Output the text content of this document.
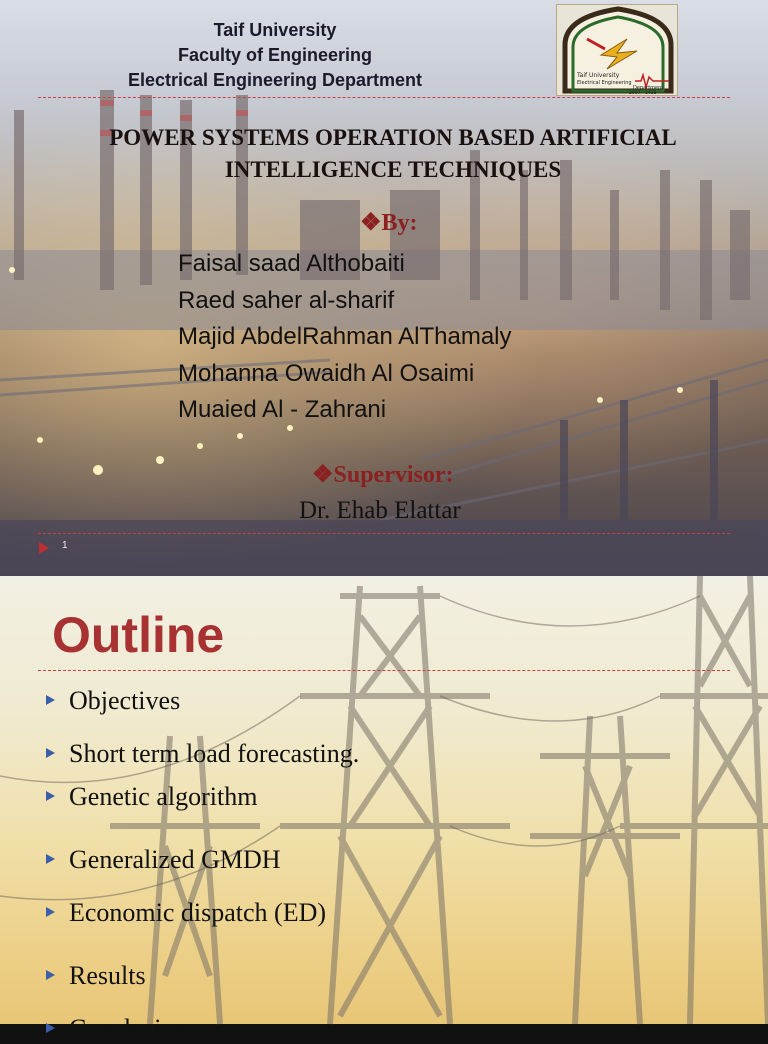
Taif University
Faculty of Engineering
Electrical Engineering Department	Taif University
Electrical Engineering
Department
2007 - 1428
POWER SYSTEMS OPERATION BASED ARTIFICIAL
INTELLIGENCE TECHNIQUES
❖By:
Faisal saad Althobaiti
Raed saher al-sharif
Majid AbdelRahman AlThamaly
Mohanna Owaidh Al Osaimi
Muaied Al - Zahrani
❖Supervisor:
Dr. Ehab Elattar
1
Outline
Objectives
Short term load forecasting.
Genetic algorithm
Generalized GMDH
Economic dispatch (ED)
Results
Conclusions
